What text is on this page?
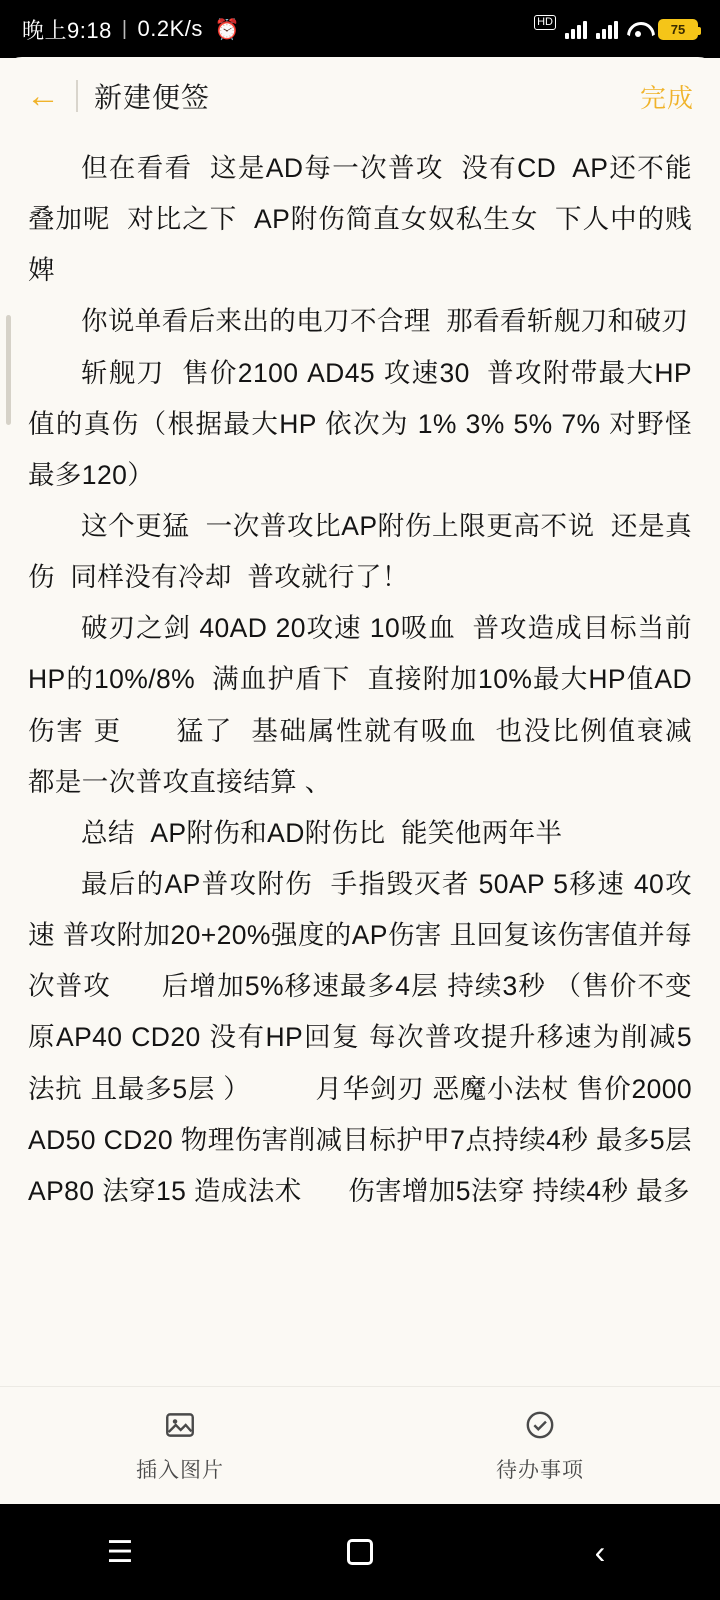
晚上9:18 | 0.2K/s ⏰	HD	75
←	新建便签	完成

但在看看  这是AD每一次普攻  没有CD  AP还不能叠加呢  对比之下  AP附伤简直女奴私生女  下人中的贱婢

你说单看后来出的电刀不合理  那看看斩舰刀和破刃

斩舰刀  售价2100 AD45 攻速30  普攻附带最大HP值的真伤（根据最大HP 依次为 1% 3% 5% 7% 对野怪最多120）

这个更猛  一次普攻比AP附伤上限更高不说  还是真伤  同样没有冷却  普攻就行了！

破刃之剑 40AD 20攻速 10吸血  普攻造成目标当前HP的10%/8%  满血护盾下  直接附加10%最大HP值AD伤害 更      猛了  基础属性就有吸血  也没比例值衰减  都是一次普攻直接结算 、

总结  AP附伤和AD附伤比  能笑他两年半

最后的AP普攻附伤  手指毁灭者 50AP 5移速 40攻速 普攻附加20+20%强度的AP伤害 且回复该伤害值并每次普攻      后增加5%移速最多4层 持续3秒 （售价不变 原AP40 CD20 没有HP回复 每次普攻提升移速为削减5法抗 且最多5层 ）        月华剑刃 恶魔小法杖 售价2000 AD50 CD20 物理伤害削减目标护甲7点持续4秒 最多5层 AP80 法穿15 造成法术      伤害增加5法穿 持续4秒 最多

插入图片	待办事项
☰	‹
